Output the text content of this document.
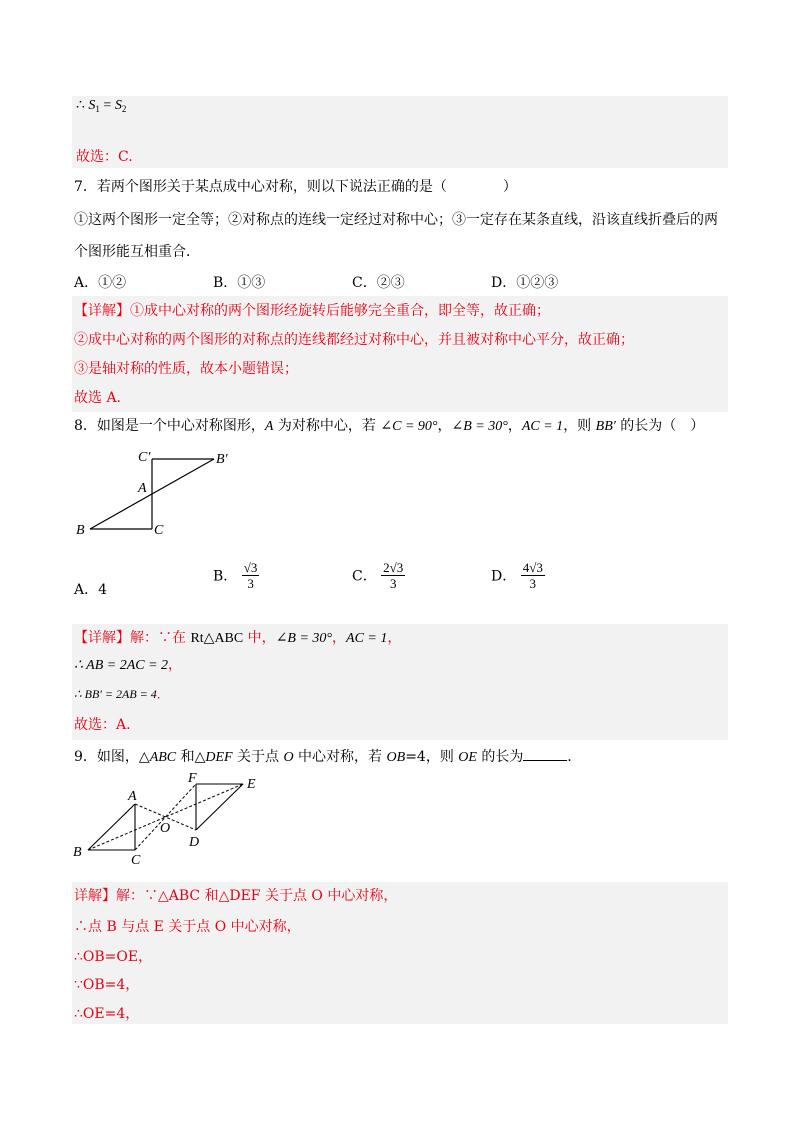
∴ $S_1 = S_2$
故选：C.
7．若两个图形关于某点成中心对称，则以下说法正确的是（　　　　）
①这两个图形一定全等；②对称点的连线一定经过对称中心；③一定存在某条直线，沿该直线折叠后的两
个图形能互相重合．
A．①②	B．①③	C．②③	D．①②③
【详解】①成中心对称的两个图形经旋转后能够完全重合，即全等，故正确；
②成中心对称的两个图形的对称点的连线都经过对称中心，并且被对称中心平分，故正确；
③是轴对称的性质，故本小题错误；
故选 A.
8．如图是一个中心对称图形，A 为对称中心，若 ∠C = 90°，∠B = 30°，AC = 1，则 BB′ 的长为（　）
C′	B′
A
B	C
A．4
B． $\frac{√3}{3}$	C． $\frac{2√3}{3}$	D． $\frac{4√3}{3}$
【详解】解：∵在 Rt△ABC 中，∠B = 30°，AC = 1，
∴ AB = 2AC = 2，
∴ BB′ = 2AB = 4．
故选：A.
9．如图，△ABC 和△DEF 关于点 O 中心对称，若 OB=4，则 OE 的长为	．
A
B
C
O
D
E
F
详解】解：∵△ABC 和△DEF 关于点 O 中心对称，
∴点 B 与点 E 关于点 O 中心对称，
∴OB=OE，
∵OB=4，
∴OE=4，
